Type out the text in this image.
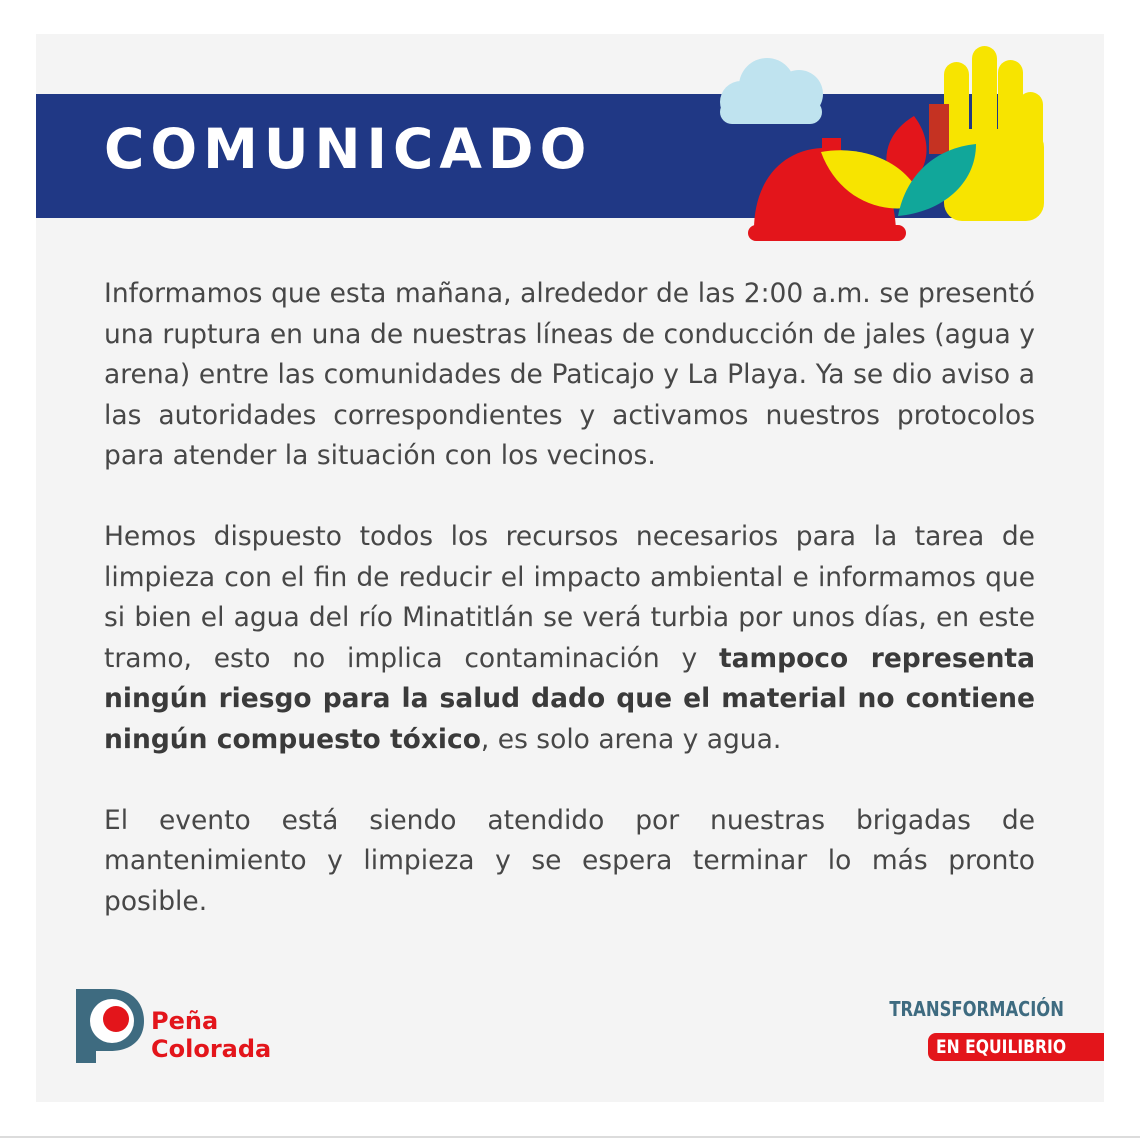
COMUNICADO

Informamos que esta mañana, alrededor de las 2:00 a.m. se presentó una ruptura en una de nuestras líneas de conducción de jales (agua y arena) entre las comunidades de Paticajo y La Playa. Ya se dio aviso a las autoridades correspondientes y activamos nuestros protocolos para atender la situación con los vecinos.

Hemos dispuesto todos los recursos necesarios para la tarea de limpieza con el fin de reducir el impacto ambiental e informamos que si bien el agua del río Minatitlán se verá turbia por unos días, en este tramo, esto no implica contaminación y tampoco representa ningún riesgo para la salud dado que el material no contiene ningún compuesto tóxico, es solo arena y agua.

El evento está siendo atendido por nuestras brigadas de mantenimiento y limpieza y se espera terminar lo más pronto posible.

Peña
Colorada
TRANSFORMACIÓN
EN EQUILIBRIO
